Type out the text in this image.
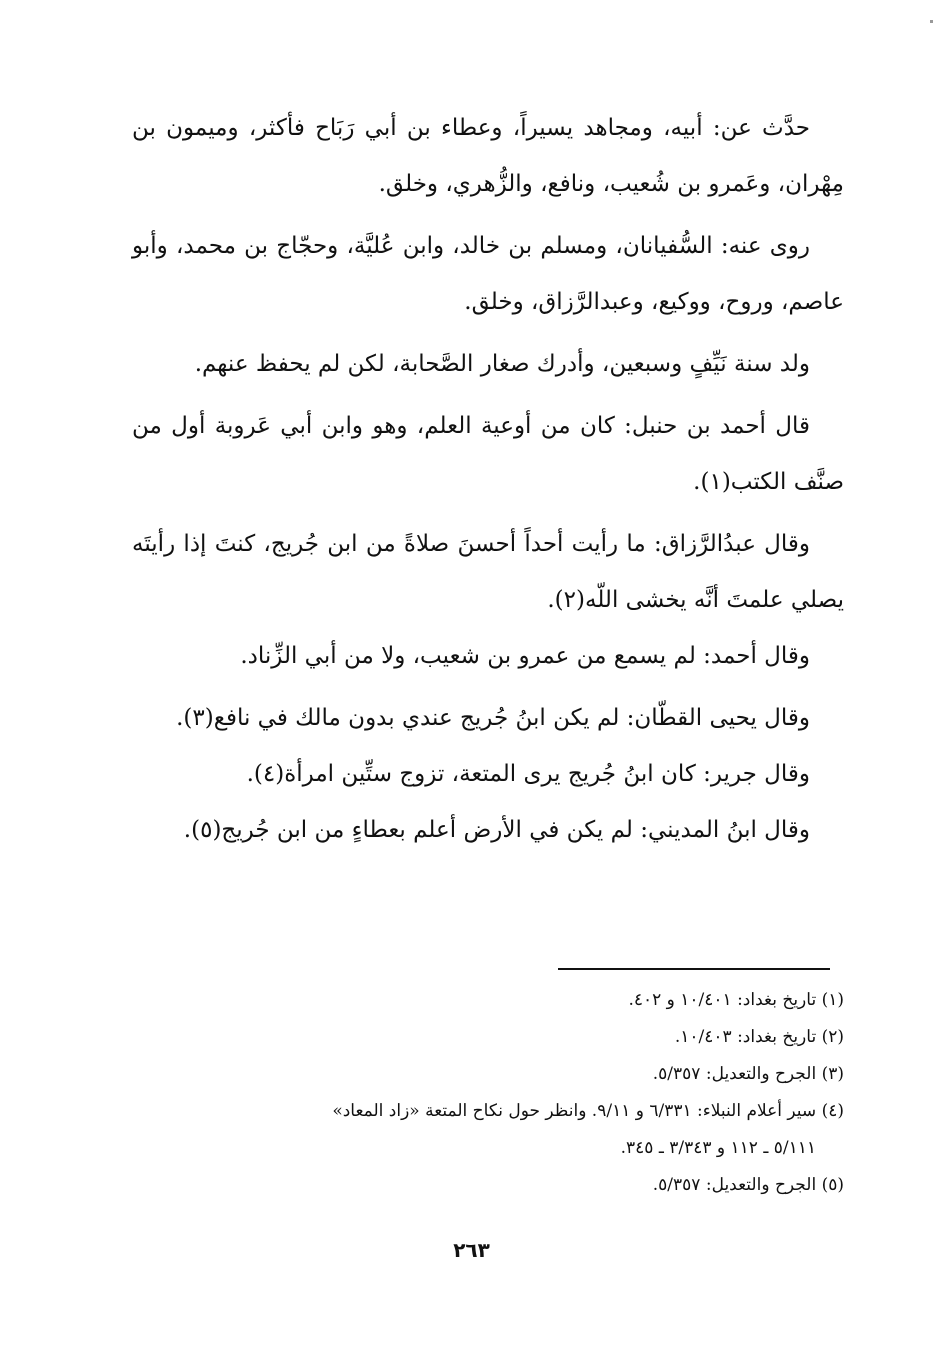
حدَّث عن: أبيه، ومجاهد يسيراً، وعطاء بن أبي رَبَاح فأكثر، وميمون بن مِهْران، وعَمرو بن شُعيب، ونافع، والزُّهري، وخلق.

روى عنه: السُّفيانان، ومسلم بن خالد، وابن عُليَّة، وحجّاج بن محمد، وأبو عاصم، وروح، ووكيع، وعبدالرَّزاق، وخلق.

ولد سنة نَيِّفٍ وسبعين، وأدرك صغار الصَّحابة، لكن لم يحفظ عنهم.

قال أحمد بن حنبل: كان من أوعية العلم، وهو وابن أبي عَروبة أول من صنَّف الكتب(١).

وقال عبدُالرَّزاق: ما رأيت أحداً أحسنَ صلاةً من ابن جُريج، كنتَ إذا رأيتَه يصلي علمتَ أنَّه يخشى اللّه(٢).

وقال أحمد: لم يسمع من عمرو بن شعيب، ولا من أبي الزِّناد.

وقال يحيى القطّان: لم يكن ابنُ جُريج عندي بدون مالك في نافع(٣).

وقال جرير: كان ابنُ جُريج يرى المتعة، تزوج ستِّين امرأة(٤).

وقال ابنُ المديني: لم يكن في الأرض أعلم بعطاءٍ من ابن جُريج(٥).

(١) تاريخ بغداد: ١٠/٤٠١ و ٤٠٢.

(٢) تاريخ بغداد: ١٠/٤٠٣.

(٣) الجرح والتعديل: ٥/٣٥٧.

(٤) سير أعلام النبلاء: ٦/٣٣١ و ٩/١١. وانظر حول نكاح المتعة «زاد المعاد»

٥/١١١ ـ ١١٢ و ٣/٣٤٣ ـ ٣٤٥.

(٥) الجرح والتعديل: ٥/٣٥٧.

٢٦٣
